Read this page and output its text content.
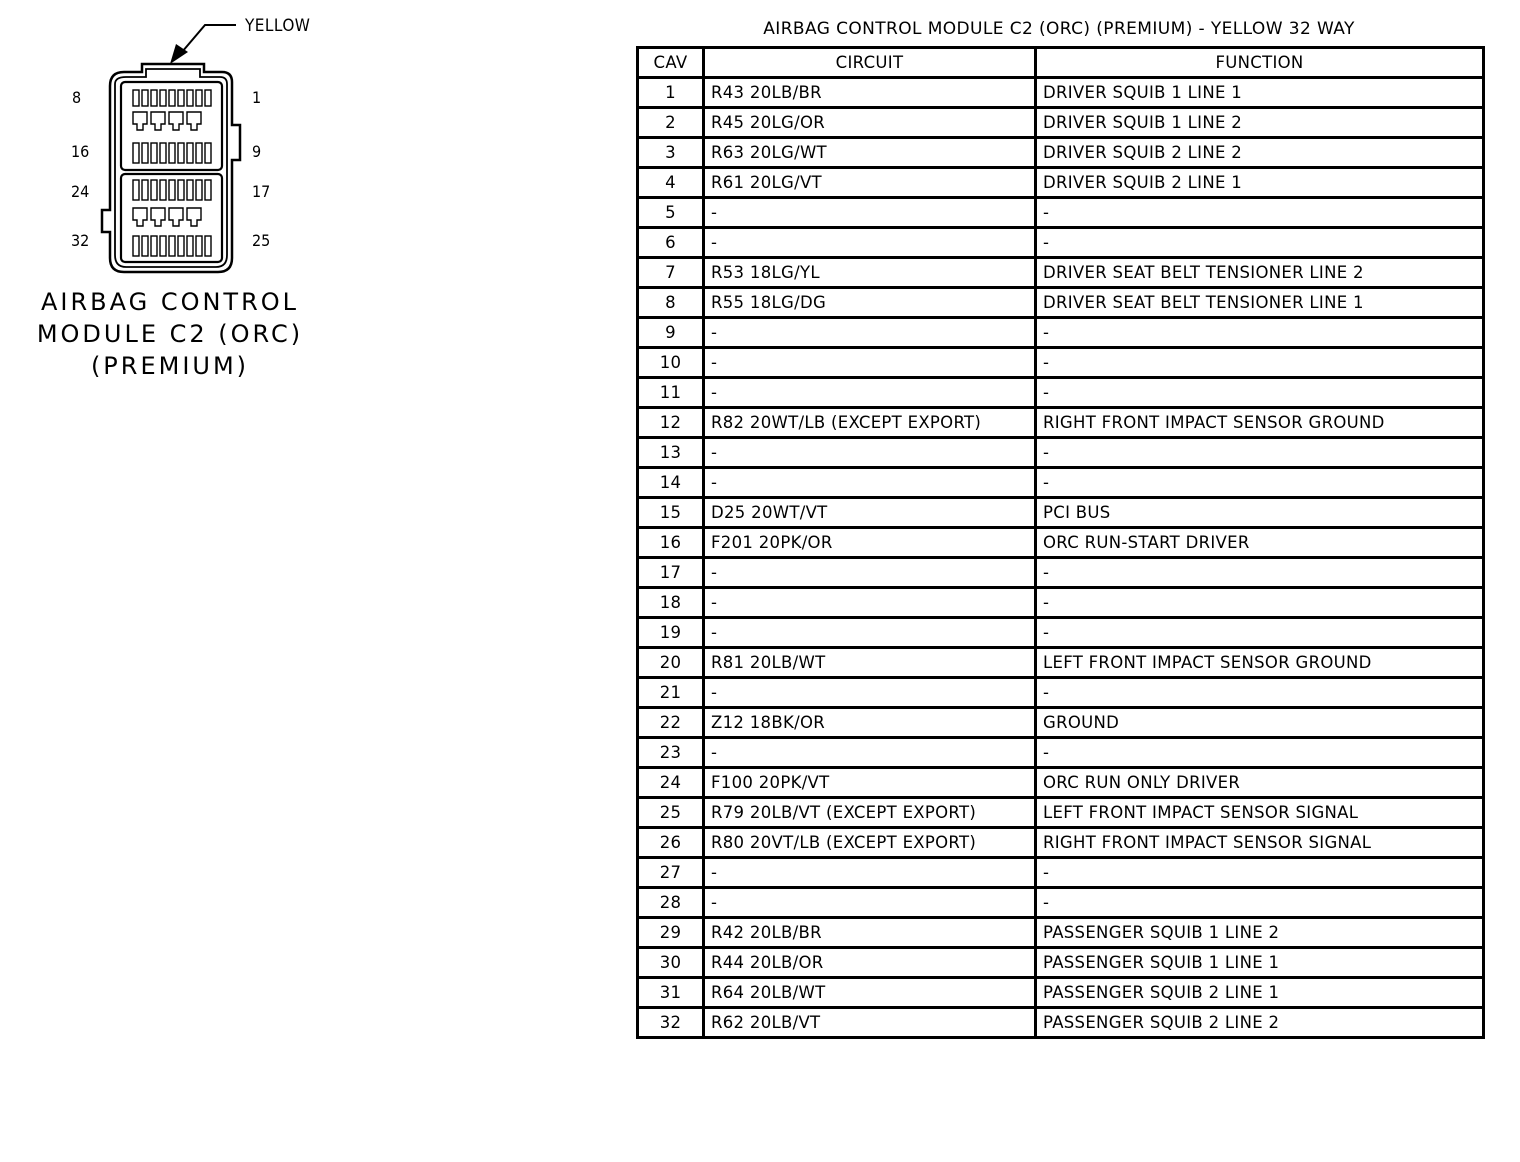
YELLOW
8	1
16	9
24	17
32	25
AIRBAG CONTROL
MODULE C2 (ORC)
(PREMIUM)
AIRBAG CONTROL MODULE C2 (ORC) (PREMIUM) - YELLOW 32 WAY
CAV	CIRCUIT	FUNCTION
1	R43 20LB/BR	DRIVER SQUIB 1 LINE 1
2	R45 20LG/OR	DRIVER SQUIB 1 LINE 2
3	R63 20LG/WT	DRIVER SQUIB 2 LINE 2
4	R61 20LG/VT	DRIVER SQUIB 2 LINE 1
5	-	-
6	-	-
7	R53 18LG/YL	DRIVER SEAT BELT TENSIONER LINE 2
8	R55 18LG/DG	DRIVER SEAT BELT TENSIONER LINE 1
9	-	-
10	-	-
11	-	-
12	R82 20WT/LB (EXCEPT EXPORT)	RIGHT FRONT IMPACT SENSOR GROUND
13	-	-
14	-	-
15	D25 20WT/VT	PCI BUS
16	F201 20PK/OR	ORC RUN-START DRIVER
17	-	-
18	-	-
19	-	-
20	R81 20LB/WT	LEFT FRONT IMPACT SENSOR GROUND
21	-	-
22	Z12 18BK/OR	GROUND
23	-	-
24	F100 20PK/VT	ORC RUN ONLY DRIVER
25	R79 20LB/VT (EXCEPT EXPORT)	LEFT FRONT IMPACT SENSOR SIGNAL
26	R80 20VT/LB (EXCEPT EXPORT)	RIGHT FRONT IMPACT SENSOR SIGNAL
27	-	-
28	-	-
29	R42 20LB/BR	PASSENGER SQUIB 1 LINE 2
30	R44 20LB/OR	PASSENGER SQUIB 1 LINE 1
31	R64 20LB/WT	PASSENGER SQUIB 2 LINE 1
32	R62 20LB/VT	PASSENGER SQUIB 2 LINE 2
